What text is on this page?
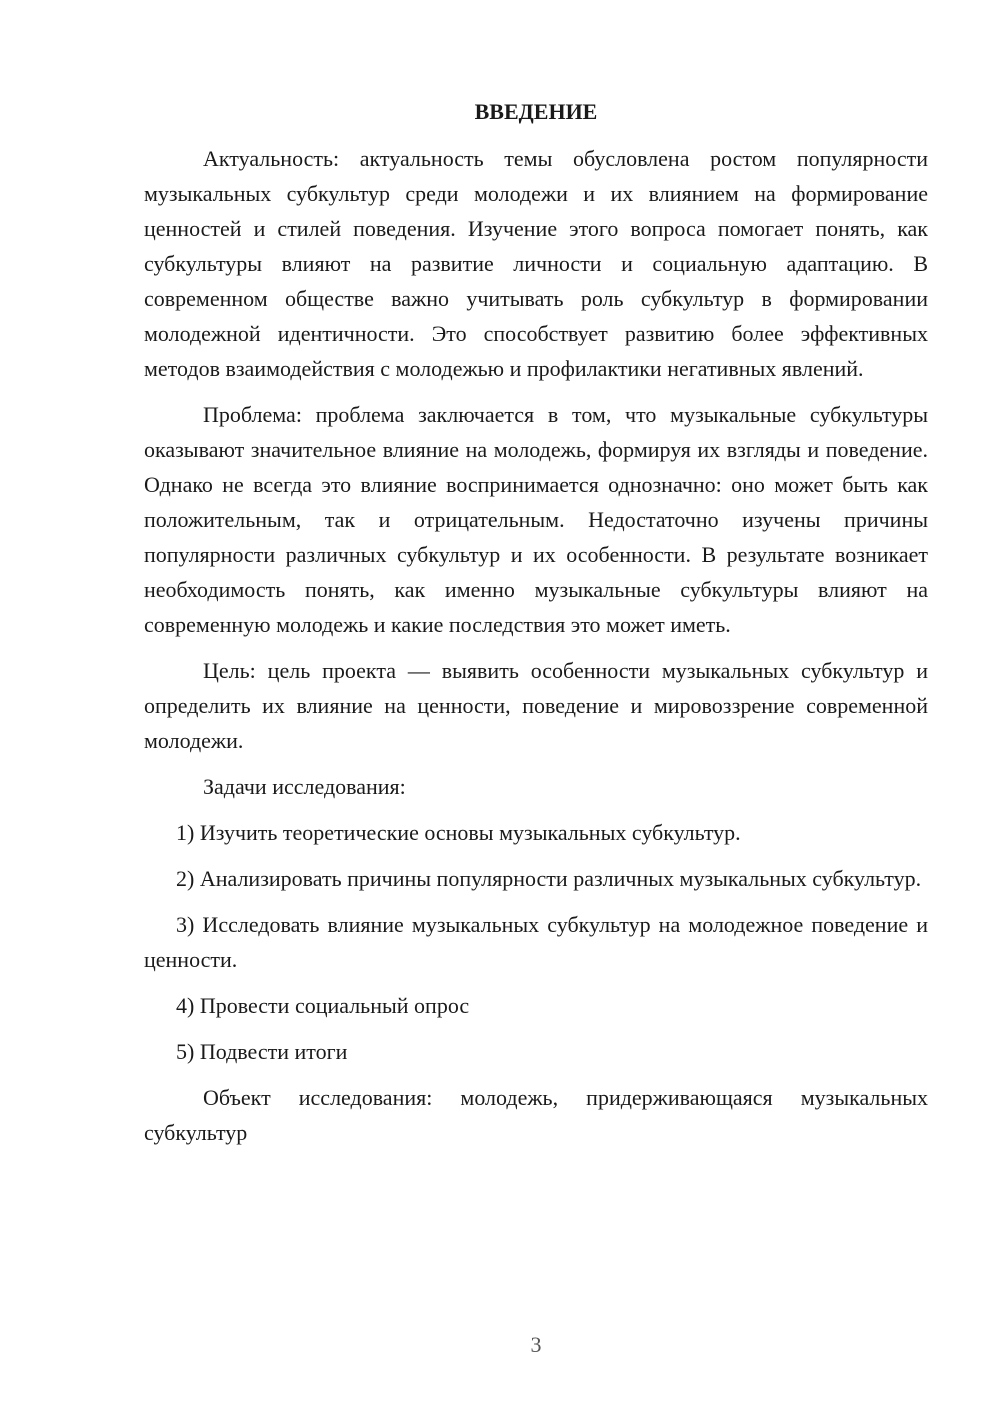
ВВЕДЕНИЕ

Актуальность: актуальность темы обусловлена ростом популярности музыкальных субкультур среди молодежи и их влиянием на формирование ценностей и стилей поведения. Изучение этого вопроса помогает понять, как субкультуры влияют на развитие личности и социальную адаптацию. В современном обществе важно учитывать роль субкультур в формировании молодежной идентичности. Это способствует развитию более эффективных методов взаимодействия с молодежью и профилактики негативных явлений.

Проблема: проблема заключается в том, что музыкальные субкультуры оказывают значительное влияние на молодежь, формируя их взгляды и поведение. Однако не всегда это влияние воспринимается однозначно: оно может быть как положительным, так и отрицательным. Недостаточно изучены причины популярности различных субкультур и их особенности. В результате возникает необходимость понять, как именно музыкальные субкультуры влияют на современную молодежь и какие последствия это может иметь.

Цель: цель проекта — выявить особенности музыкальных субкультур и определить их влияние на ценности, поведение и мировоззрение современной молодежи.

Задачи исследования:

1) Изучить теоретические основы музыкальных субкультур.

2) Анализировать причины популярности различных музыкальных субкультур.

3) Исследовать влияние музыкальных субкультур на молодежное поведение и ценности.

4) Провести социальный опрос

5) Подвести итоги

Объект исследования: молодежь, придерживающаяся музыкальных субкультур

3
